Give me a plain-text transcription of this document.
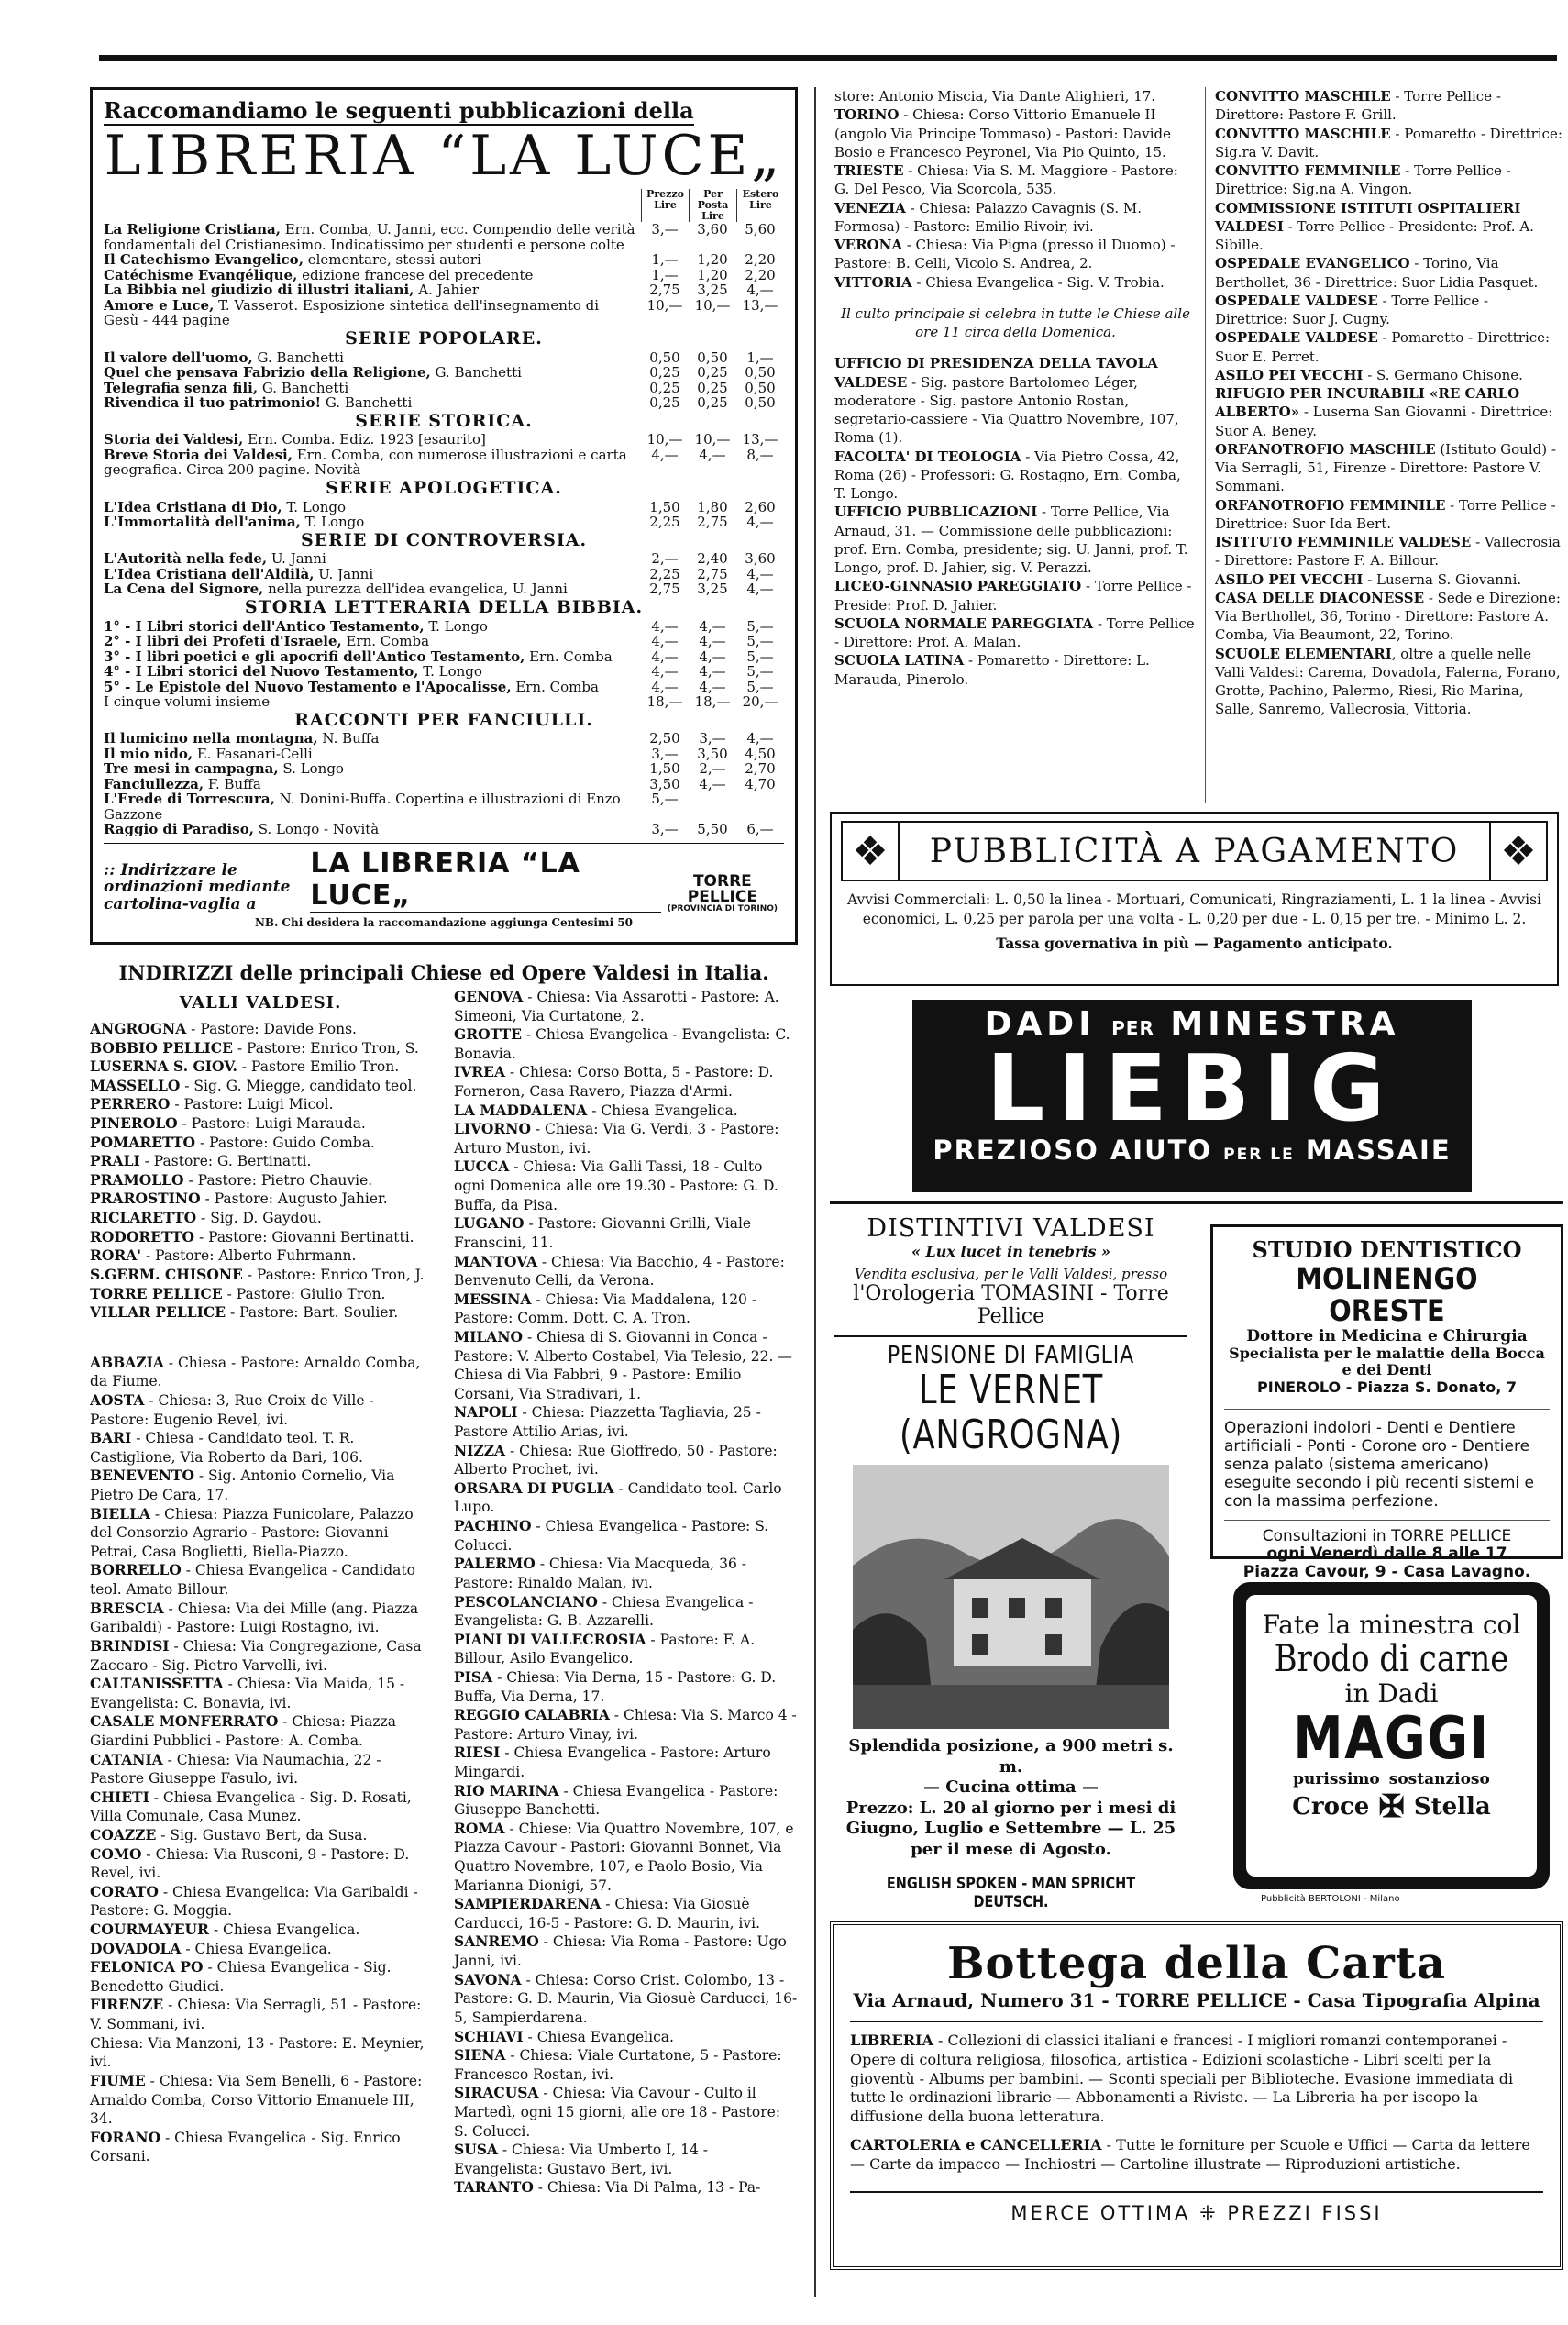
Raccomandiamo le seguenti pubblicazioni della
LIBRERIA “LA LUCE„
Prezzo Lire
Per Posta Lire
Estero Lire
La Religione Cristiana, Ern. Comba, U. Janni, ecc. Compendio delle verità fondamentali del Cristianesimo. Indicatissimo per studenti e persone colte
3,—	3,60	5,60
Il Catechismo Evangelico, elementare, stessi autori	1,—	1,20	2,20
Catéchisme Evangélique, edizione francese del precedente	1,—	1,20	2,20
La Bibbia nel giudizio di illustri italiani, A. Jahier	2,75	3,25	4,—
Amore e Luce, T. Vasserot. Esposizione sintetica dell'insegnamento di Gesù - 444 pagine
10,— 10,— 13,—
SERIE POPOLARE.
Il valore dell'uomo, G. Banchetti	0,50	0,50	1,—
Quel che pensava Fabrizio della Religione, G. Banchetti	0,25	0,25	0,50
Telegrafia senza fili, G. Banchetti	0,25	0,25	0,50
Rivendica il tuo patrimonio! G. Banchetti	0,25	0,25	0,50
SERIE STORICA.
Storia dei Valdesi, Ern. Comba. Ediz. 1923 [esaurito]	10,— 10,— 13,—
Breve Storia dei Valdesi, Ern. Comba, con numerose illustrazioni e carta geografica. Circa 200 pagine. Novità
4,—	4,—	8,—
SERIE APOLOGETICA.
L'Idea Cristiana di Dio, T. Longo	1,50	1,80	2,60
L'Immortalità dell'anima, T. Longo	2,25	2,75	4,—
SERIE DI CONTROVERSIA.
L'Autorità nella fede, U. Janni	2,—	2,40	3,60
L'Idea Cristiana dell'Aldilà, U. Janni	2,25	2,75	4,—
La Cena del Signore, nella purezza dell'idea evangelica, U. Janni	2,75	3,25	4,—
STORIA LETTERARIA DELLA BIBBIA.
1° - I Libri storici dell'Antico Testamento, T. Longo	4,—	4,—	5,—
2° - I libri dei Profeti d'Israele, Ern. Comba	4,—	4,—	5,—
3° - I libri poetici e gli apocrifi dell'Antico Testamento, Ern. Comba	4,—	4,—	5,—
4° - I Libri storici del Nuovo Testamento, T. Longo	4,—	4,—	5,—
5° - Le Epistole del Nuovo Testamento e l'Apocalisse, Ern. Comba	4,—	4,—	5,—
I cinque volumi insieme	18,— 18,— 20,—
RACCONTI PER FANCIULLI.
Il lumicino nella montagna, N. Buffa	2,50	3,—	4,—
Il mio nido, E. Fasanari-Celli	3,—	3,50	4,50
Tre mesi in campagna, S. Longo	1,50	2,—	2,70
Fanciullezza, F. Buffa	3,50	4,—	4,70
L'Erede di Torrescura, N. Donini-Buffa. Copertina e illustrazioni di Enzo Gazzone
5,—
Raggio di Paradiso, S. Longo - Novità	3,—	5,50	6,—
:: Indirizzare le ordinazioni mediante cartolina-vaglia a
LA LIBRERIA “LA LUCE„	TORRE PELLICE
(PROVINCIA DI TORINO)
NB. Chi desidera la raccomandazione aggiunga Centesimi 50
INDIRIZZI delle principali Chiese ed Opere Valdesi in Italia.
VALLI VALDESI.
ANGROGNA - Pastore: Davide Pons.
BOBBIO PELLICE - Pastore: Enrico Tron, S.
LUSERNA S. GIOV. - Pastore Emilio Tron.
MASSELLO - Sig. G. Miegge, candidato teol.
PERRERO - Pastore: Luigi Micol.
PINEROLO - Pastore: Luigi Marauda.
POMARETTO - Pastore: Guido Comba.
PRALI - Pastore: G. Bertinatti.
PRAMOLLO - Pastore: Pietro Chauvie.
PRAROSTINO - Pastore: Augusto Jahier.
RICLARETTO - Sig. D. Gaydou.
RODORETTO - Pastore: Giovanni Bertinatti.
RORA' - Pastore: Alberto Fuhrmann.
S.GERM. CHISONE - Pastore: Enrico Tron, J.
TORRE PELLICE - Pastore: Giulio Tron.
VILLAR PELLICE - Pastore: Bart. Soulier.
ABBAZIA - Chiesa - Pastore: Arnaldo Comba, da Fiume.
AOSTA - Chiesa: 3, Rue Croix de Ville - Pastore: Eugenio Revel, ivi.
BARI - Chiesa - Candidato teol. T. R. Castiglione, Via Roberto da Bari, 106.
BENEVENTO - Sig. Antonio Cornelio, Via Pietro De Cara, 17.
BIELLA - Chiesa: Piazza Funicolare, Palazzo del Consorzio Agrario - Pastore: Giovanni Petrai, Casa Boglietti, Biella-Piazzo.
BORRELLO - Chiesa Evangelica - Candidato teol. Amato Billour.
BRESCIA - Chiesa: Via dei Mille (ang. Piazza Garibaldi) - Pastore: Luigi Rostagno, ivi.
BRINDISI - Chiesa: Via Congregazione, Casa Zaccaro - Sig. Pietro Varvelli, ivi.
CALTANISSETTA - Chiesa: Via Maida, 15 - Evangelista: C. Bonavia, ivi.
CASALE MONFERRATO - Chiesa: Piazza Giardini Pubblici - Pastore: A. Comba.
CATANIA - Chiesa: Via Naumachia, 22 - Pastore Giuseppe Fasulo, ivi.
CHIETI - Chiesa Evangelica - Sig. D. Rosati, Villa Comunale, Casa Munez.
COAZZE - Sig. Gustavo Bert, da Susa.
COMO - Chiesa: Via Rusconi, 9 - Pastore: D. Revel, ivi.
CORATO - Chiesa Evangelica: Via Garibaldi - Pastore: G. Moggia.
COURMAYEUR - Chiesa Evangelica.
DOVADOLA - Chiesa Evangelica.
FELONICA PO - Chiesa Evangelica - Sig. Benedetto Giudici.
FIRENZE - Chiesa: Via Serragli, 51 - Pastore: V. Sommani, ivi.
Chiesa: Via Manzoni, 13 - Pastore: E. Meynier, ivi.
FIUME - Chiesa: Via Sem Benelli, 6 - Pastore: Arnaldo Comba, Corso Vittorio Emanuele III, 34.
FORANO - Chiesa Evangelica - Sig. Enrico Corsani.
GENOVA - Chiesa: Via Assarotti - Pastore: A. Simeoni, Via Curtatone, 2.
GROTTE - Chiesa Evangelica - Evangelista: C. Bonavia.
IVREA - Chiesa: Corso Botta, 5 - Pastore: D. Forneron, Casa Ravero, Piazza d'Armi.
LA MADDALENA - Chiesa Evangelica.
LIVORNO - Chiesa: Via G. Verdi, 3 - Pastore: Arturo Muston, ivi.
LUCCA - Chiesa: Via Galli Tassi, 18 - Culto ogni Domenica alle ore 19.30 - Pastore: G. D. Buffa, da Pisa.
LUGANO - Pastore: Giovanni Grilli, Viale Franscini, 11.
MANTOVA - Chiesa: Via Bacchio, 4 - Pastore: Benvenuto Celli, da Verona.
MESSINA - Chiesa: Via Maddalena, 120 - Pastore: Comm. Dott. C. A. Tron.
MILANO - Chiesa di S. Giovanni in Conca - Pastore: V. Alberto Costabel, Via Telesio, 22. — Chiesa di Via Fabbri, 9 - Pastore: Emilio Corsani, Via Stradivari, 1.
NAPOLI - Chiesa: Piazzetta Tagliavia, 25 - Pastore Attilio Arias, ivi.
NIZZA - Chiesa: Rue Gioffredo, 50 - Pastore: Alberto Prochet, ivi.
ORSARA DI PUGLIA - Candidato teol. Carlo Lupo.
PACHINO - Chiesa Evangelica - Pastore: S. Colucci.
PALERMO - Chiesa: Via Macqueda, 36 - Pastore: Rinaldo Malan, ivi.
PESCOLANCIANO - Chiesa Evangelica - Evangelista: G. B. Azzarelli.
PIANI DI VALLECROSIA - Pastore: F. A. Billour, Asilo Evangelico.
PISA - Chiesa: Via Derna, 15 - Pastore: G. D. Buffa, Via Derna, 17.
REGGIO CALABRIA - Chiesa: Via S. Marco 4 - Pastore: Arturo Vinay, ivi.
RIESI - Chiesa Evangelica - Pastore: Arturo Mingardi.
RIO MARINA - Chiesa Evangelica - Pastore: Giuseppe Banchetti.
ROMA - Chiese: Via Quattro Novembre, 107, e Piazza Cavour - Pastori: Giovanni Bonnet, Via Quattro Novembre, 107, e Paolo Bosio, Via Marianna Dionigi, 57.
SAMPIERDARENA - Chiesa: Via Giosuè Carducci, 16-5 - Pastore: G. D. Maurin, ivi.
SANREMO - Chiesa: Via Roma - Pastore: Ugo Janni, ivi.
SAVONA - Chiesa: Corso Crist. Colombo, 13 - Pastore: G. D. Maurin, Via Giosuè Carducci, 16-5, Sampierdarena.
SCHIAVI - Chiesa Evangelica.
SIENA - Chiesa: Viale Curtatone, 5 - Pastore: Francesco Rostan, ivi.
SIRACUSA - Chiesa: Via Cavour - Culto il Martedì, ogni 15 giorni, alle ore 18 - Pastore: S. Colucci.
SUSA - Chiesa: Via Umberto I, 14 - Evangelista: Gustavo Bert, ivi.
TARANTO - Chiesa: Via Di Palma, 13 - Pa-
store: Antonio Miscia, Via Dante Alighieri, 17.
TORINO - Chiesa: Corso Vittorio Emanuele II (angolo Via Principe Tommaso) - Pastori: Davide Bosio e Francesco Peyronel, Via Pio Quinto, 15.
TRIESTE - Chiesa: Via S. M. Maggiore - Pastore: G. Del Pesco, Via Scorcola, 535.
VENEZIA - Chiesa: Palazzo Cavagnis (S. M. Formosa) - Pastore: Emilio Rivoir, ivi.
VERONA - Chiesa: Via Pigna (presso il Duomo) - Pastore: B. Celli, Vicolo S. Andrea, 2.
VITTORIA - Chiesa Evangelica - Sig. V. Trobia.
Il culto principale si celebra in tutte le Chiese alle ore 11 circa della Domenica.
UFFICIO DI PRESIDENZA DELLA TAVOLA VALDESE - Sig. pastore Bartolomeo Léger, moderatore - Sig. pastore Antonio Rostan, segretario-cassiere - Via Quattro Novembre, 107, Roma (1).
FACOLTA' DI TEOLOGIA - Via Pietro Cossa, 42, Roma (26) - Professori: G. Rostagno, Ern. Comba, T. Longo.
UFFICIO PUBBLICAZIONI - Torre Pellice, Via Arnaud, 31. — Commissione delle pubblicazioni: prof. Ern. Comba, presidente; sig. U. Janni, prof. T. Longo, prof. D. Jahier, sig. V. Perazzi.
LICEO-GINNASIO PAREGGIATO - Torre Pellice - Preside: Prof. D. Jahier.
SCUOLA NORMALE PAREGGIATA - Torre Pellice - Direttore: Prof. A. Malan.
SCUOLA LATINA - Pomaretto - Direttore: L. Marauda, Pinerolo.
CONVITTO MASCHILE - Torre Pellice - Direttore: Pastore F. Grill.
CONVITTO MASCHILE - Pomaretto - Direttrice: Sig.ra V. Davit.
CONVITTO FEMMINILE - Torre Pellice - Direttrice: Sig.na A. Vingon.
COMMISSIONE ISTITUTI OSPITALIERI VALDESI - Torre Pellice - Presidente: Prof. A. Sibille.
OSPEDALE EVANGELICO - Torino, Via Berthollet, 36 - Direttrice: Suor Lidia Pasquet.
OSPEDALE VALDESE - Torre Pellice - Direttrice: Suor J. Cugny.
OSPEDALE VALDESE - Pomaretto - Direttrice: Suor E. Perret.
ASILO PEI VECCHI - S. Germano Chisone.
RIFUGIO PER INCURABILI «RE CARLO ALBERTO» - Luserna San Giovanni - Direttrice: Suor A. Beney.
ORFANOTROFIO MASCHILE (Istituto Gould) - Via Serragli, 51, Firenze - Direttore: Pastore V. Sommani.
ORFANOTROFIO FEMMINILE - Torre Pellice - Direttrice: Suor Ida Bert.
ISTITUTO FEMMINILE VALDESE - Vallecrosia - Direttore: Pastore F. A. Billour.
ASILO PEI VECCHI - Luserna S. Giovanni.
CASA DELLE DIACONESSE - Sede e Direzione: Via Berthollet, 36, Torino - Direttore: Pastore A. Comba, Via Beaumont, 22, Torino.
SCUOLE ELEMENTARI, oltre a quelle nelle Valli Valdesi: Carema, Dovadola, Falerna, Forano, Grotte, Pachino, Palermo, Riesi, Rio Marina, Salle, Sanremo, Vallecrosia, Vittoria.
❖	PUBBLICITÀ A PAGAMENTO	❖
Avvisi Commerciali: L. 0,50 la linea - Mortuari, Comunicati, Ringraziamenti, L. 1 la linea - Avvisi economici, L. 0,25 per parola per una volta - L. 0,20 per due - L. 0,15 per tre. - Minimo L. 2.
Tassa governativa in più — Pagamento anticipato.
DADI PER MINESTRA
LIEBIG
PREZIOSO AIUTO PER LE MASSAIE
DISTINTIVI VALDESI
« Lux lucet in tenebris »
Vendita esclusiva, per le Valli Valdesi, presso
l'Orologeria TOMASINI - Torre Pellice
PENSIONE DI FAMIGLIA
LE VERNET (ANGROGNA)
Splendida posizione, a 900 metri s. m.
— Cucina ottima —
Prezzo: L. 20 al giorno per i mesi di Giugno, Luglio e Settembre — L. 25 per il mese di Agosto.
ENGLISH SPOKEN - MAN SPRICHT DEUTSCH.
STUDIO DENTISTICO
MOLINENGO ORESTE
Dottore in Medicina e Chirurgia
Specialista per le malattie della Bocca e dei Denti
PINEROLO - Piazza S. Donato, 7
Operazioni indolori - Denti e Dentiere artificiali - Ponti - Corone oro - Dentiere senza palato (sistema americano) eseguite secondo i più recenti sistemi e con la massima perfezione.
Consultazioni in TORRE PELLICE
ogni Venerdì dalle 8 alle 17
Piazza Cavour, 9 - Casa Lavagno.
Fate la minestra col
Brodo di carne
in Dadi
MAGGI
purissimo sostanzioso
Croce ✠ Stella
Pubblicità BERTOLONI - Milano
Bottega della Carta
Via Arnaud, Numero 31 - TORRE PELLICE - Casa Tipografia Alpina
LIBRERIA - Collezioni di classici italiani e francesi - I migliori romanzi contemporanei - Opere di coltura religiosa, filosofica, artistica - Edizioni scolastiche - Libri scelti per la gioventù - Albums per bambini. — Sconti speciali per Biblioteche. Evasione immediata di tutte le ordinazioni librarie — Abbonamenti a Riviste. — La Libreria ha per iscopo la diffusione della buona letteratura.
CARTOLERIA e CANCELLERIA - Tutte le forniture per Scuole e Uffici — Carta da lettere — Carte da impacco — Inchiostri — Cartoline illustrate — Riproduzioni artistiche.
MERCE OTTIMA ⁜ PREZZI FISSI
